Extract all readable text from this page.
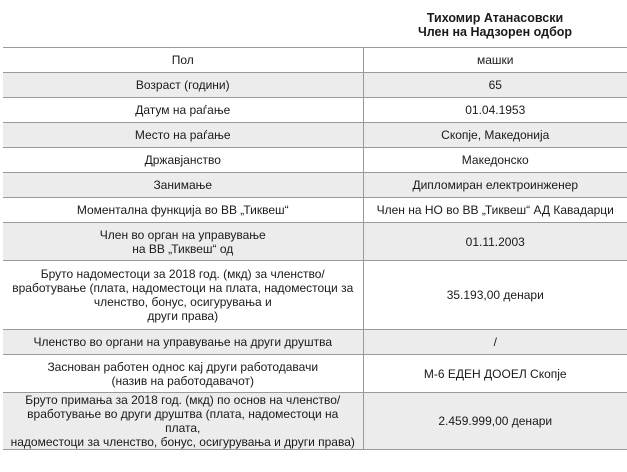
	Тихомир Атанасовски
Член на Надзорен одбор

Пол	машки

Возраст (години)	65

Датум на раѓање	01.04.1953

Место на раѓање	Скопје, Македонија

Државјанство	Македонско

Занимање	Дипломиран електроинженер

Моментална функција во ВВ „Тиквеш“	Член на НО во ВВ „Тиквеш“ АД Кавадарци

Член во орган на управување
на ВВ „Тиквеш“ од	01.11.2003

Бруто надоместоци за 2018 год. (мкд) за членство/
вработување (плата, надоместоци на плата, надоместоци за
членство, бонус, осигурувања и
други права)	35.193,00 денари

Членство во органи на управување на други друштва	/

Заснован работен однос кај други работодавачи
(назив на работодавачот)	М-6 ЕДЕН ДООЕЛ Скопје

Бруто примања за 2018 год. (мкд) по основ на членство/
вработување во други друштва (плата, надоместоци на плата,
надоместоци за членство, бонус, осигурувања и други права)	2.459.999,00 денари
